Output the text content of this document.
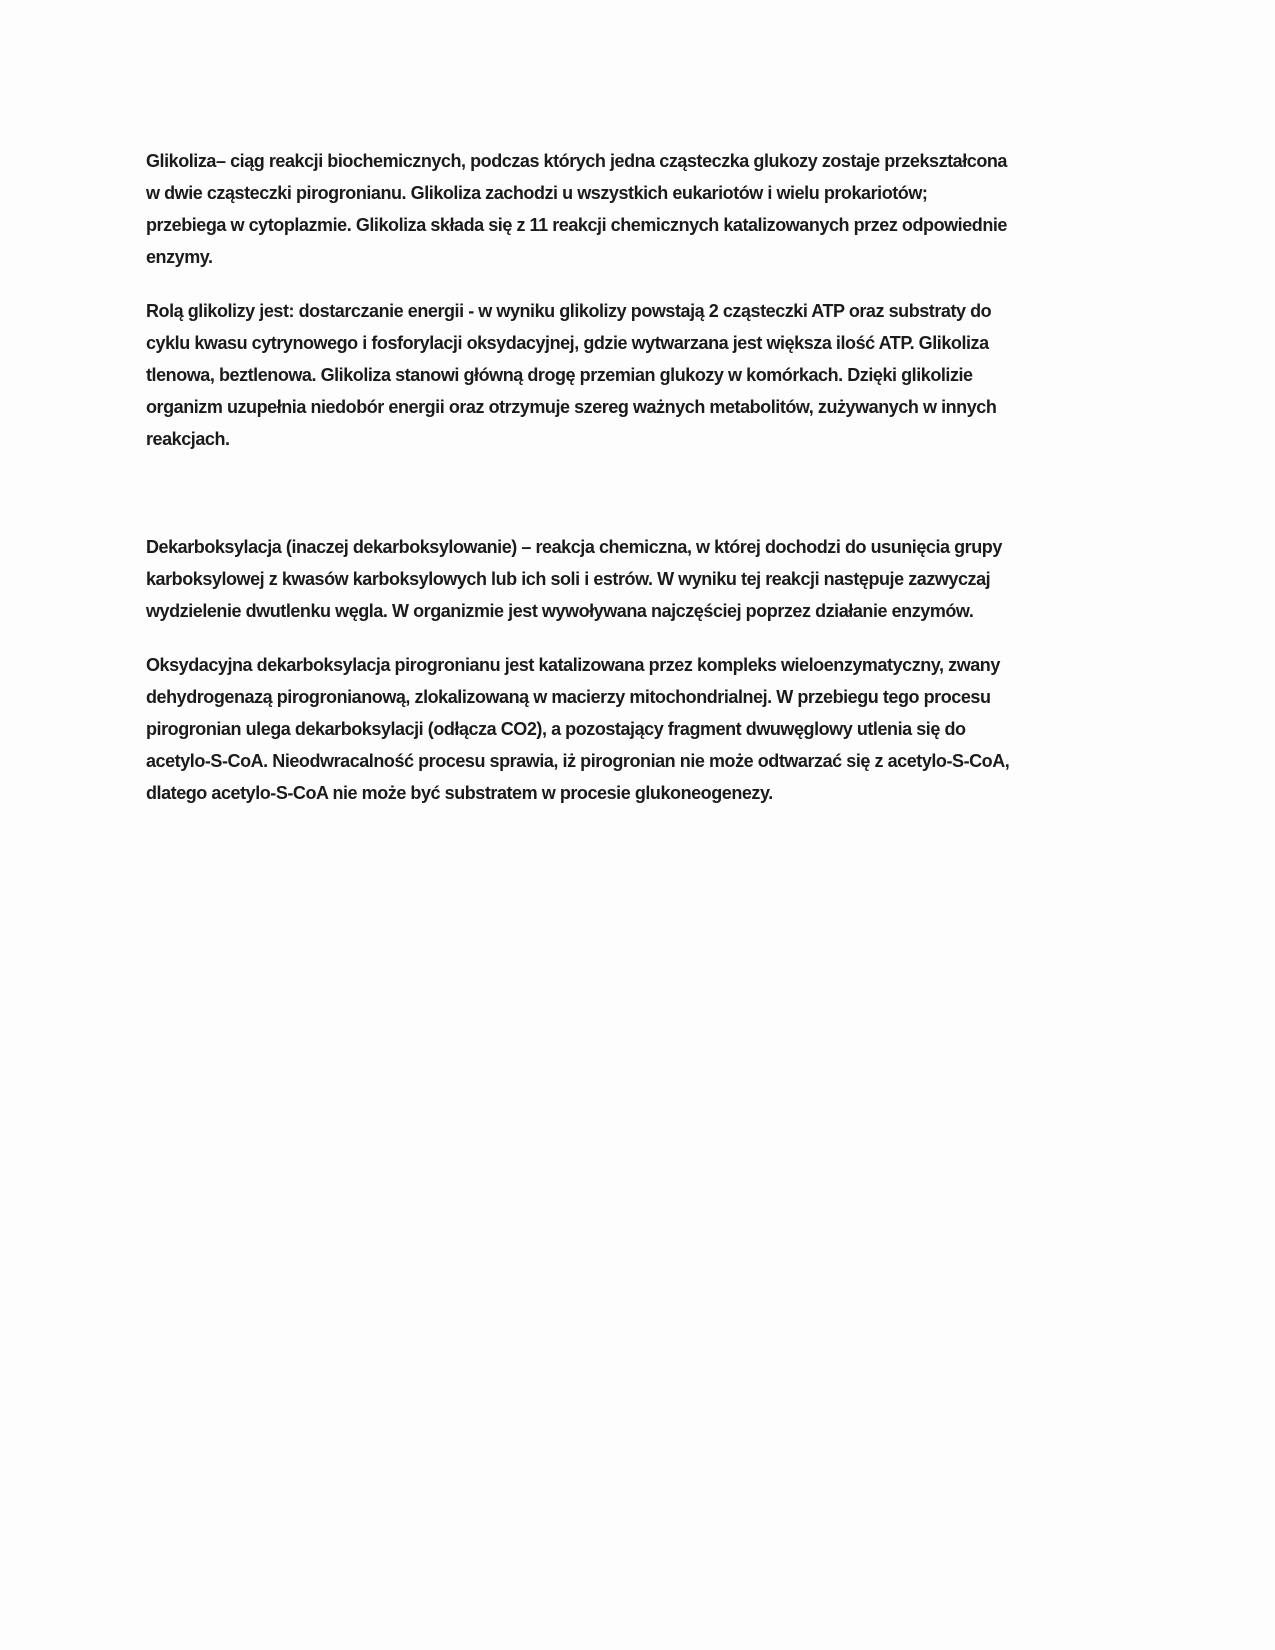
Glikoliza– ciąg reakcji biochemicznych, podczas których jedna cząsteczka glukozy zostaje przekształcona
w dwie cząsteczki pirogronianu. Glikoliza zachodzi u wszystkich eukariotów i wielu prokariotów;
przebiega w cytoplazmie. Glikoliza składa się z 11 reakcji chemicznych katalizowanych przez odpowiednie
enzymy.

Rolą glikolizy jest: dostarczanie energii - w wyniku glikolizy powstają 2 cząsteczki ATP oraz substraty do
cyklu kwasu cytrynowego i fosforylacji oksydacyjnej, gdzie wytwarzana jest większa ilość ATP. Glikoliza
tlenowa, beztlenowa. Glikoliza stanowi główną drogę przemian glukozy w komórkach. Dzięki glikolizie
organizm uzupełnia niedobór energii oraz otrzymuje szereg ważnych metabolitów, zużywanych w innych
reakcjach.

Dekarboksylacja (inaczej dekarboksylowanie) – reakcja chemiczna, w której dochodzi do usunięcia grupy
karboksylowej z kwasów karboksylowych lub ich soli i estrów. W wyniku tej reakcji następuje zazwyczaj
wydzielenie dwutlenku węgla. W organizmie jest wywoływana najczęściej poprzez działanie enzymów.

Oksydacyjna dekarboksylacja pirogronianu jest katalizowana przez kompleks wieloenzymatyczny, zwany
dehydrogenazą pirogronianową, zlokalizowaną w macierzy mitochondrialnej. W przebiegu tego procesu
pirogronian ulega dekarboksylacji (odłącza CO2), a pozostający fragment dwuwęglowy utlenia się do
acetylo-S-CoA. Nieodwracalność procesu sprawia, iż pirogronian nie może odtwarzać się z acetylo-S-CoA,
dlatego acetylo-S-CoA nie może być substratem w procesie glukoneogenezy.
